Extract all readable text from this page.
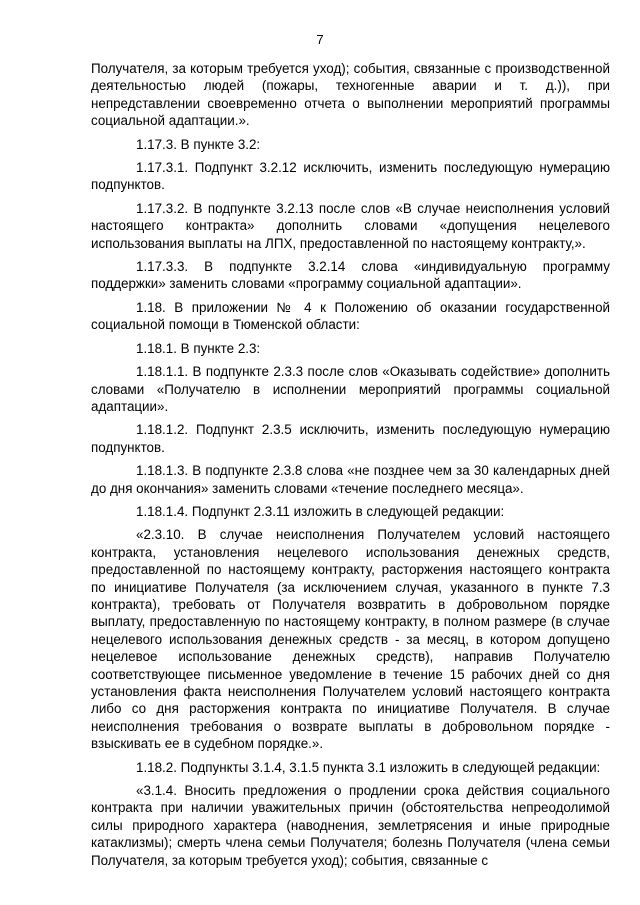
7

Получателя, за которым требуется уход); события, связанные с производственной деятельностью людей (пожары, техногенные аварии и т. д.)), при непредставлении своевременно отчета о выполнении мероприятий программы социальной адаптации.».

1.17.3. В пункте 3.2:

1.17.3.1. Подпункт 3.2.12 исключить, изменить последующую нумерацию подпунктов.

1.17.3.2. В подпункте 3.2.13 после слов «В случае неисполнения условий настоящего контракта» дополнить словами «допущения нецелевого использования выплаты на ЛПХ, предоставленной по настоящему контракту,».

1.17.3.3. В подпункте 3.2.14 слова «индивидуальную программу поддержки» заменить словами «программу социальной адаптации».

1.18. В приложении № 4 к Положению об оказании государственной социальной помощи в Тюменской области:

1.18.1. В пункте 2.3:

1.18.1.1. В подпункте 2.3.3 после слов «Оказывать содействие» дополнить словами «Получателю в исполнении мероприятий программы социальной адаптации».

1.18.1.2. Подпункт 2.3.5 исключить, изменить последующую нумерацию подпунктов.

1.18.1.3. В подпункте 2.3.8 слова «не позднее чем за 30 календарных дней до дня окончания» заменить словами «течение последнего месяца».

1.18.1.4. Подпункт 2.3.11 изложить в следующей редакции:

«2.3.10. В случае неисполнения Получателем условий настоящего контракта, установления нецелевого использования денежных средств, предоставленной по настоящему контракту, расторжения настоящего контракта по инициативе Получателя (за исключением случая, указанного в пункте 7.3 контракта), требовать от Получателя возвратить в добровольном порядке выплату, предоставленную по настоящему контракту, в полном размере (в случае нецелевого использования денежных средств - за месяц, в котором допущено нецелевое использование денежных средств), направив Получателю соответствующее письменное уведомление в течение 15 рабочих дней со дня установления факта неисполнения Получателем условий настоящего контракта либо со дня расторжения контракта по инициативе Получателя. В случае неисполнения требования о возврате выплаты в добровольном порядке - взыскивать ее в судебном порядке.».

1.18.2. Подпункты 3.1.4, 3.1.5 пункта 3.1 изложить в следующей редакции:

«3.1.4. Вносить предложения о продлении срока действия социального контракта при наличии уважительных причин (обстоятельства непреодолимой силы природного характера (наводнения, землетрясения и иные природные катаклизмы); смерть члена семьи Получателя; болезнь Получателя (члена семьи Получателя, за которым требуется уход); события, связанные с
